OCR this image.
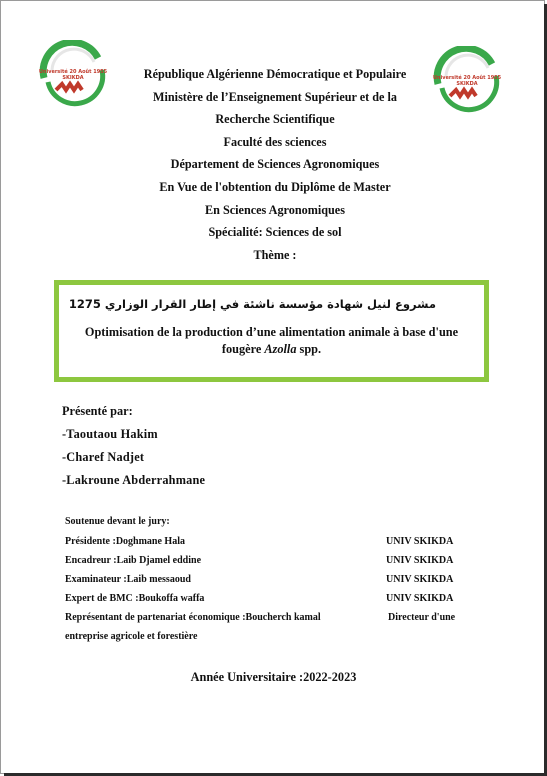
Université 20 Août 1955
SKIKDA	Université 20 Août 1955
SKIKDA
République Algérienne Démocratique et Populaire
Ministère de l’Enseignement Supérieur et de la
Recherche Scientifique
Faculté des sciences
Département de Sciences Agronomiques
En Vue de l'obtention du Diplôme de Master
En Sciences Agronomiques
Spécialité: Sciences de sol
Thème :
مشروع لنيل شهادة مؤسسة ناشئة في إطار القرار الوزاري 1275
Optimisation de la production d’une alimentation animale à base d'une
fougère Azolla spp.
Présenté par:
-Taoutaou Hakim
-Charef Nadjet
-Lakroune Abderrahmane
Soutenue devant le jury:
Présidente :Doghmane Hala	UNIV SKIKDA
Encadreur :Laib Djamel eddine	UNIV SKIKDA
Examinateur :Laib messaoud	UNIV SKIKDA
Expert de BMC :Boukoffa waffa	UNIV SKIKDA
Représentant de partenariat économique :Boucherch kamal	Directeur d'une
entreprise agricole et forestière
Année Universitaire :2022-2023
